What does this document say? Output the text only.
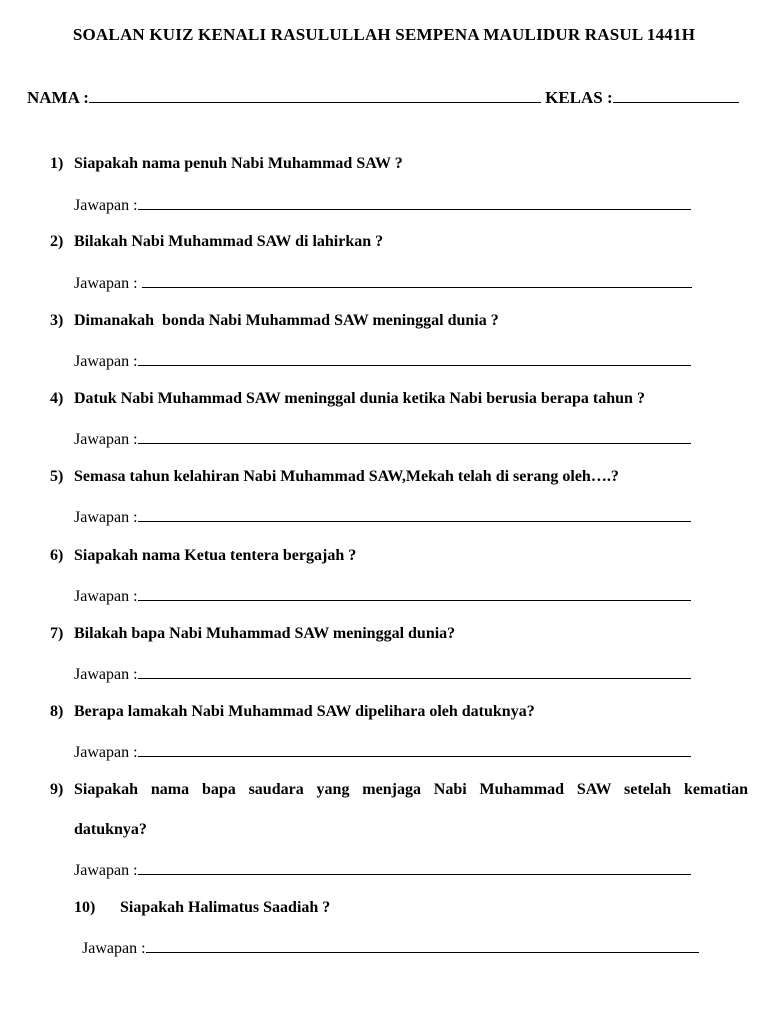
SOALAN KUIZ KENALI RASULULLAH SEMPENA MAULIDUR RASUL 1441H
NAMA :	KELAS :
1) Siapakah nama penuh Nabi Muhammad SAW ?
Jawapan :
2) Bilakah Nabi Muhammad SAW di lahirkan ?
Jawapan :
3) Dimanakah  bonda Nabi Muhammad SAW meninggal dunia ?
Jawapan :
4) Datuk Nabi Muhammad SAW meninggal dunia ketika Nabi berusia berapa tahun ?
Jawapan :
5) Semasa tahun kelahiran Nabi Muhammad SAW,Mekah telah di serang oleh….?
Jawapan :
6) Siapakah nama Ketua tentera bergajah ?
Jawapan :
7) Bilakah bapa Nabi Muhammad SAW meninggal dunia?
Jawapan :
8) Berapa lamakah Nabi Muhammad SAW dipelihara oleh datuknya?
Jawapan :
9) Siapakah nama bapa saudara yang menjaga Nabi Muhammad SAW setelah kematian
datuknya?
Jawapan :
10) Siapakah Halimatus Saadiah ?
Jawapan :
